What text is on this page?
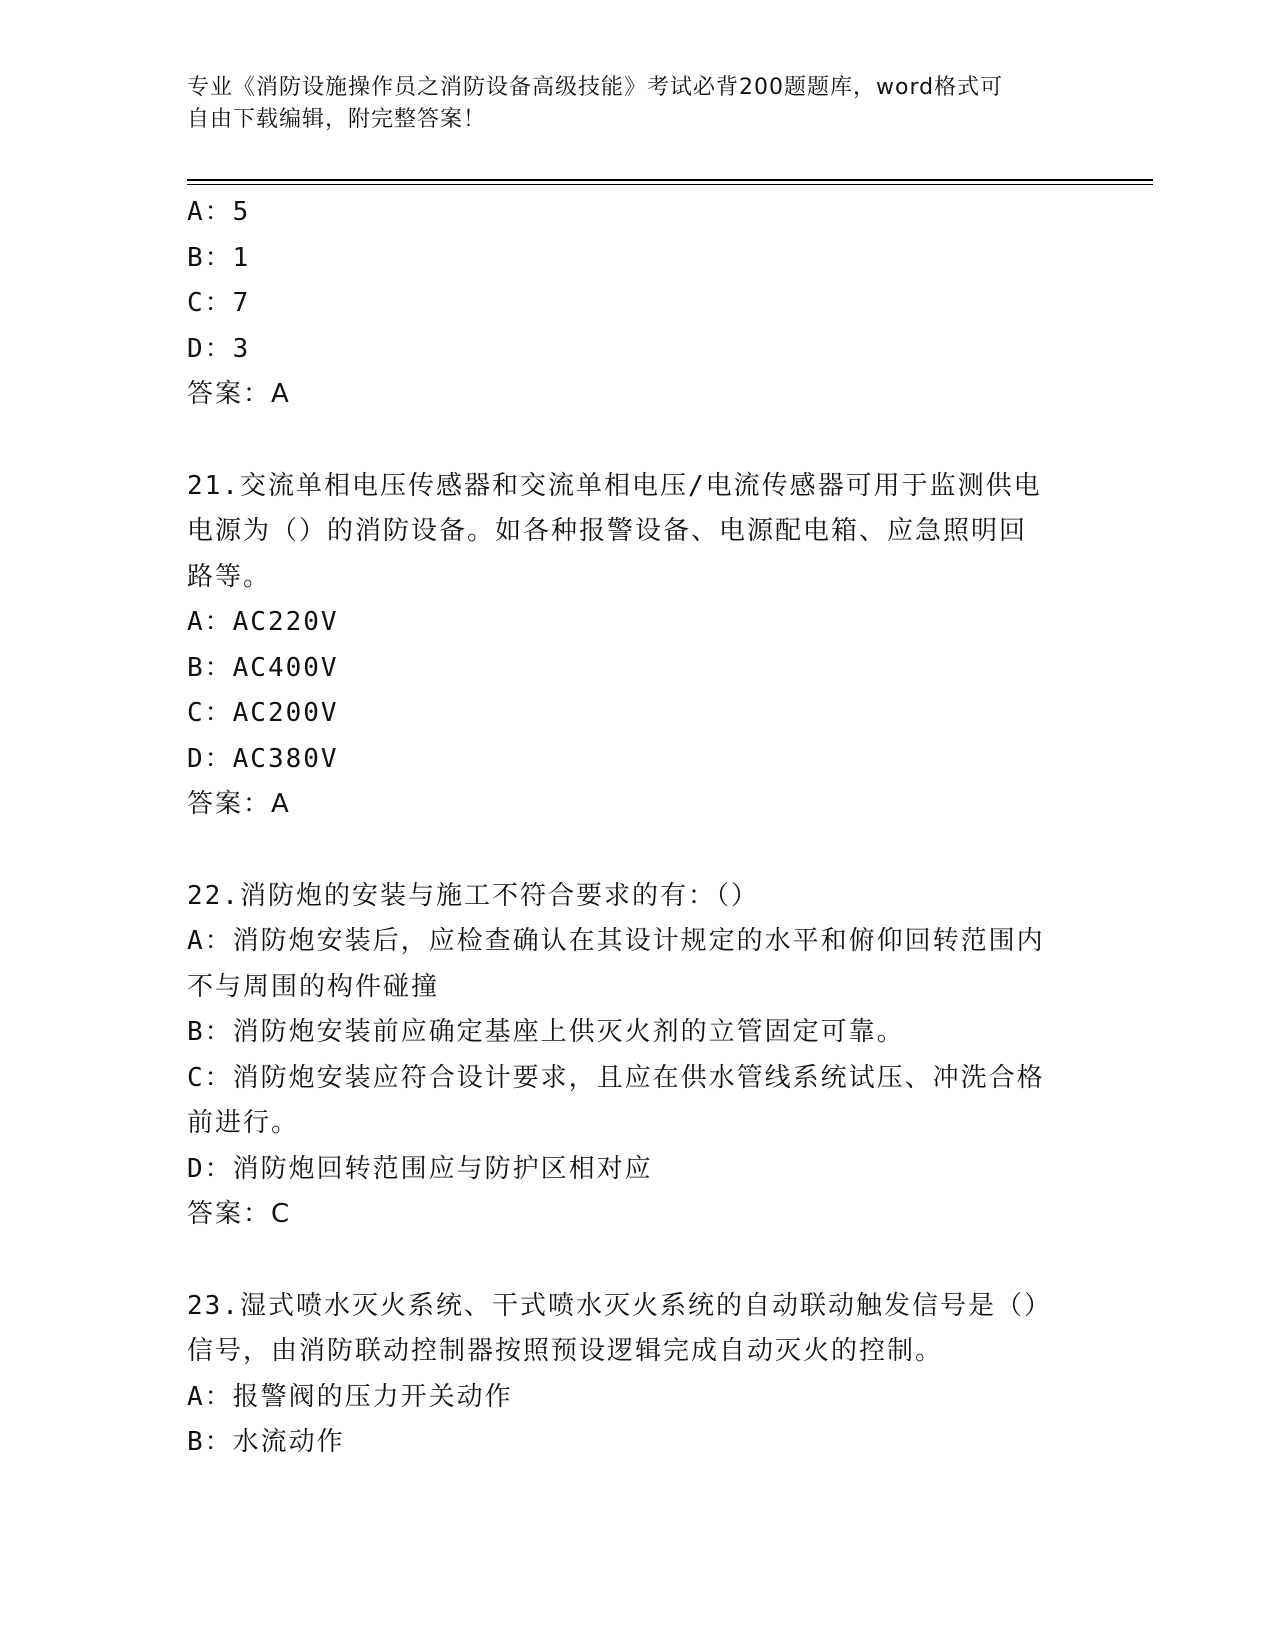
专业《消防设施操作员之消防设备高级技能》考试必背200题题库，word格式可
自由下载编辑，附完整答案！
A：5
B：1
C：7
D：3
答案：A
21.交流单相电压传感器和交流单相电压/电流传感器可用于监测供电
电源为（）的消防设备。如各种报警设备、电源配电箱、应急照明回
路等。
A：AC220V
B：AC400V
C：AC200V
D：AC380V
答案：A
22.消防炮的安装与施工不符合要求的有：（）
A：消防炮安装后，应检查确认在其设计规定的水平和俯仰回转范围内
不与周围的构件碰撞
B：消防炮安装前应确定基座上供灭火剂的立管固定可靠。
C：消防炮安装应符合设计要求，且应在供水管线系统试压、冲洗合格
前进行。
D：消防炮回转范围应与防护区相对应
答案：C
23.湿式喷水灭火系统、干式喷水灭火系统的自动联动触发信号是（）
信号，由消防联动控制器按照预设逻辑完成自动灭火的控制。
A：报警阀的压力开关动作
B：水流动作
